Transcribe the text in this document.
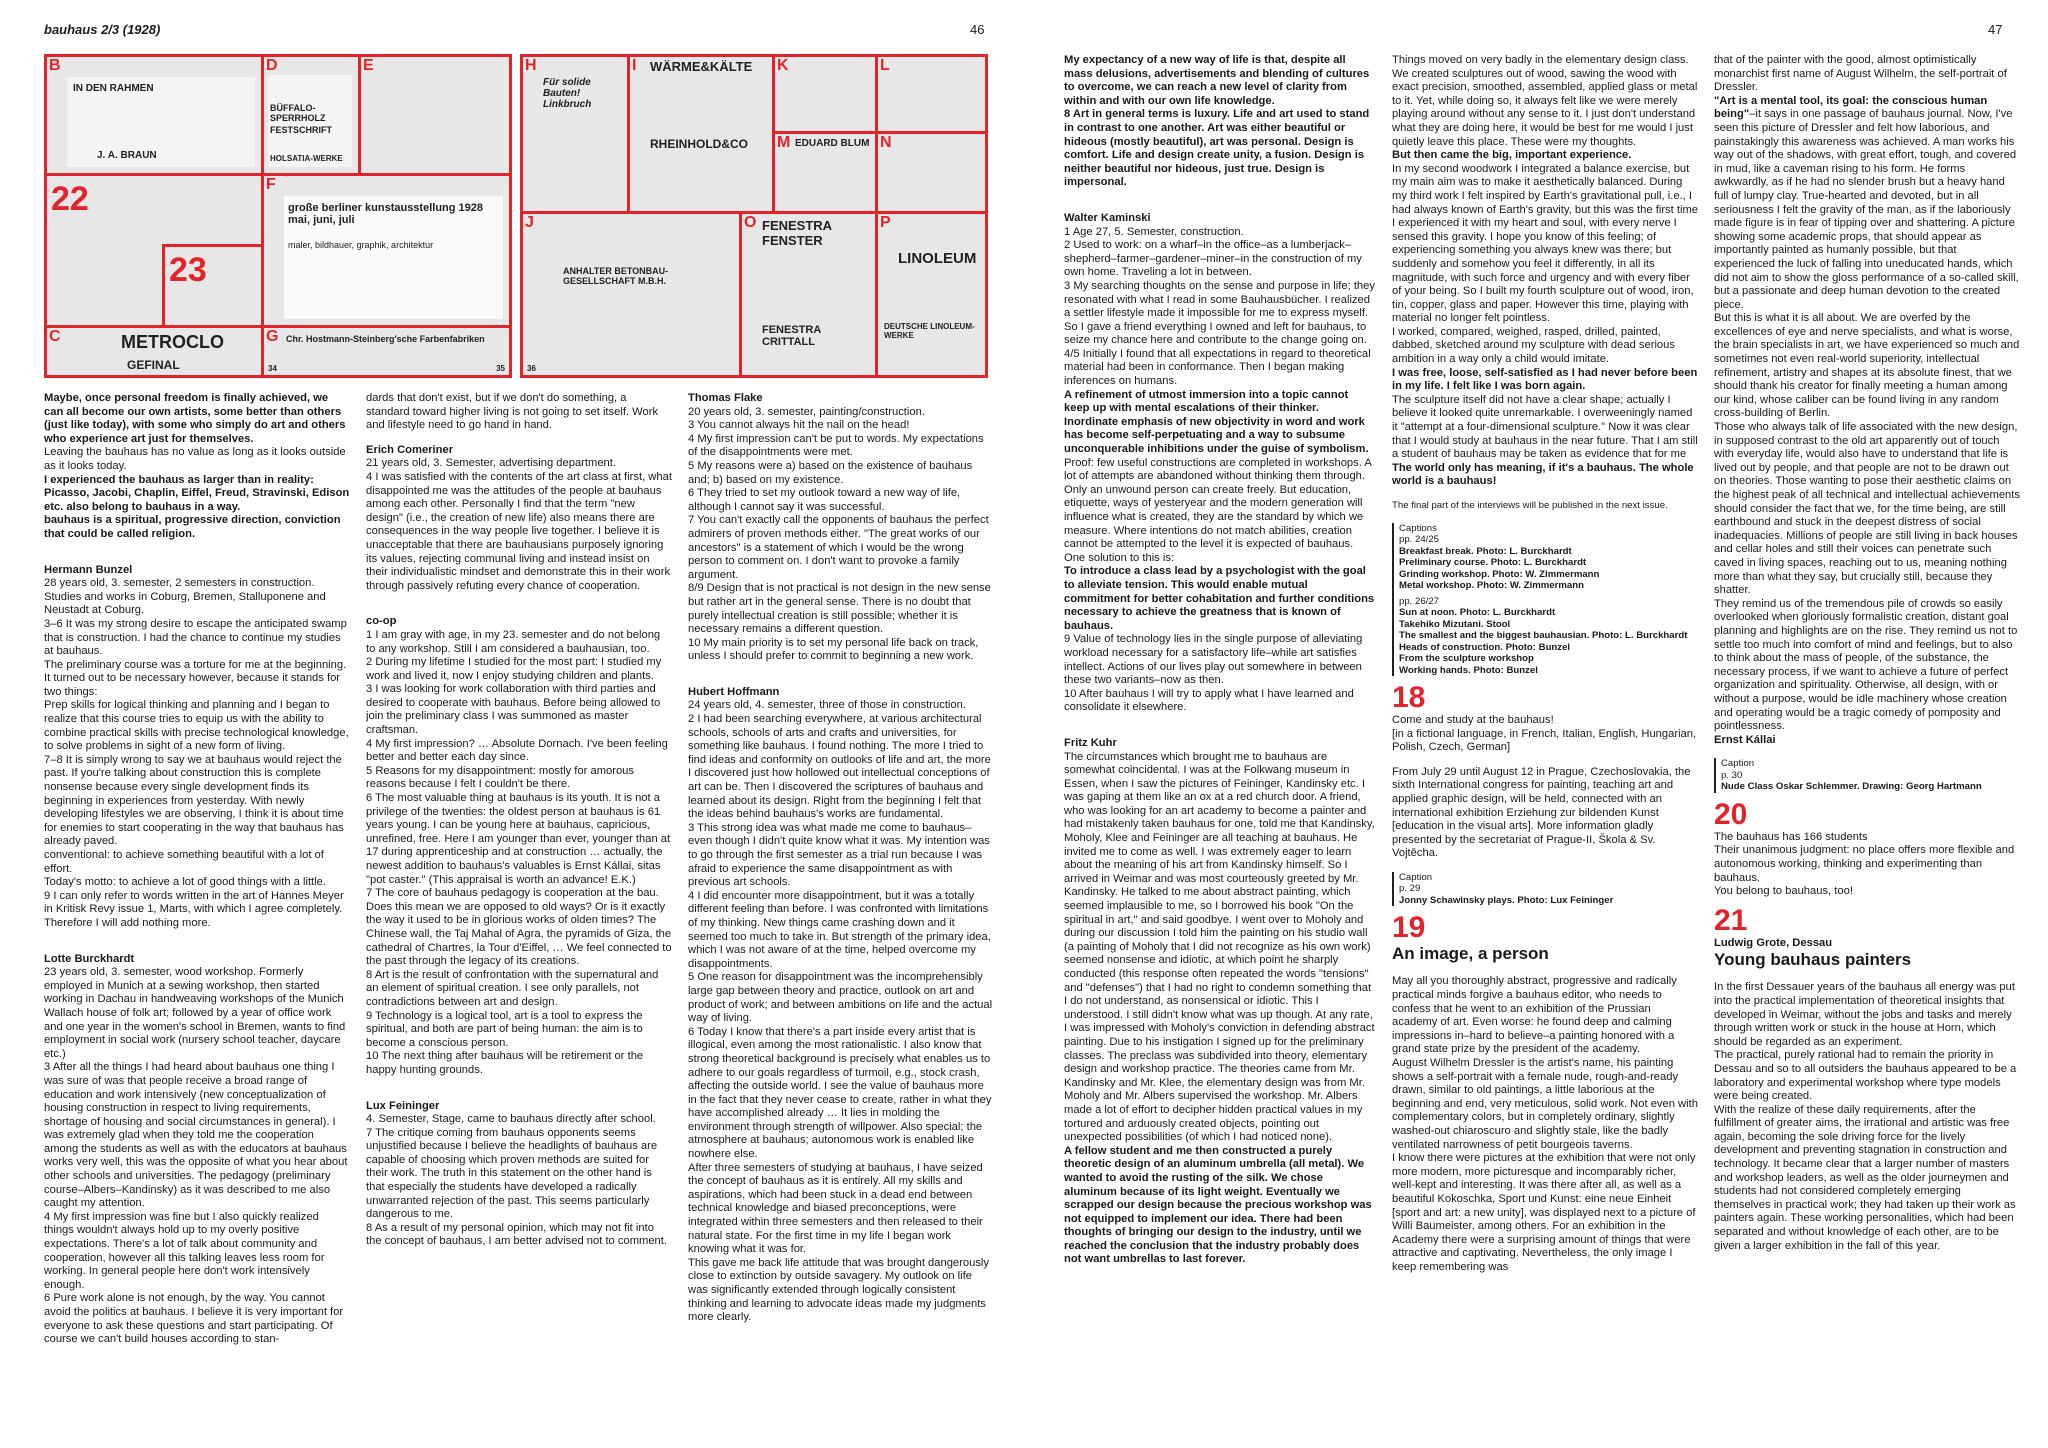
bauhaus 2/3 (1928)	46	47
B
IN DEN RAHMEN
J. A. BRAUN
D
BÜFFALO-SPERRHOLZ
FESTSCHRIFT
HOLSATIA-WERKE
E
22	F
große berliner kunstausstellung 1928 mai, juni, juli
maler, bildhauer, graphik, architektur
23
C	METROCLO
GEFINAL
G Chr. Hostmann-Steinberg'sche Farbenfabriken
34	35
H
Für solide Bauten! Linkbruch
I WÄRME&KÄLTE
RHEINHOLD&CO
K	L
M EDUARD BLUM N
J
ANHALTER BETONBAU-GESELLSCHAFT M.B.H.
36
O FENESTRA FENSTER
FENESTRA CRITTALL
P
LINOLEUM
DEUTSCHE LINOLEUM-WERKE

Maybe, once personal freedom is finally achieved, we can all become our own artists, some better than others (just like today), with some who simply do art and others who experience art just for themselves.

Leaving the bauhaus has no value as long as it looks outside as it looks today.

I experienced the bauhaus as larger than in reality: Picasso, Jacobi, Chaplin, Eiffel, Freud, Stravinski, Edison etc. also belong to bauhaus in a way.

bauhaus is a spiritual, progressive direction, conviction that could be called religion.

Hermann Bunzel

28 years old, 3. semester, 2 semesters in construction. Studies and works in Coburg, Bremen, Stalluponene and Neustadt at Coburg.

3–6 It was my strong desire to escape the anticipated swamp that is construction. I had the chance to continue my studies at bauhaus.

The preliminary course was a torture for me at the beginning. It turned out to be necessary however, because it stands for two things:

Prep skills for logical thinking and planning and I began to realize that this course tries to equip us with the ability to combine practical skills with precise technological knowledge, to solve problems in sight of a new form of living.

7–8 It is simply wrong to say we at bauhaus would reject the past. If you're talking about construction this is complete nonsense because every single development finds its beginning in experiences from yesterday. With newly developing lifestyles we are observing, I think it is about time for enemies to start cooperating in the way that bauhaus has already paved.

conventional: to achieve something beautiful with a lot of effort.

Today's motto: to achieve a lot of good things with a little.

9 I can only refer to words written in the art of Hannes Meyer in Kritisk Revy issue 1, Marts, with which I agree completely. Therefore I will add nothing more.

Lotte Burckhardt

23 years old, 3. semester, wood workshop. Formerly employed in Munich at a sewing workshop, then started working in Dachau in handweaving workshops of the Munich Wallach house of folk art; followed by a year of office work and one year in the women's school in Bremen, wants to find employment in social work (nursery school teacher, daycare etc.)

3 After all the things I had heard about bauhaus one thing I was sure of was that people receive a broad range of education and work intensively (new conceptualization of housing construction in respect to living requirements, shortage of housing and social circumstances in general). I was extremely glad when they told me the cooperation among the students as well as with the educators at bauhaus works very well, this was the opposite of what you hear about other schools and universities. The pedagogy (preliminary course–Albers–Kandinsky) as it was described to me also caught my attention.

4 My first impression was fine but I also quickly realized things wouldn't always hold up to my overly positive expectations. There's a lot of talk about community and cooperation, however all this talking leaves less room for working. In general people here don't work intensively enough.

6 Pure work alone is not enough, by the way. You cannot avoid the politics at bauhaus. I believe it is very important for everyone to ask these questions and start participating. Of course we can't build houses according to stan-

dards that don't exist, but if we don't do something, a standard toward higher living is not going to set itself. Work and lifestyle need to go hand in hand.

Erich Comeriner

21 years old, 3. Semester, advertising department.

4 I was satisfied with the contents of the art class at first, what disappointed me was the attitudes of the people at bauhaus among each other. Personally I find that the term "new design" (i.e., the creation of new life) also means there are consequences in the way people live together. I believe it is unacceptable that there are bauhausians purposely ignoring its values, rejecting communal living and instead insist on their individualistic mindset and demonstrate this in their work through passively refuting every chance of cooperation.

co-op

1 I am gray with age, in my 23. semester and do not belong to any workshop. Still I am considered a bauhausian, too.

2 During my lifetime I studied for the most part: I studied my work and lived it, now I enjoy studying children and plants.

3 I was looking for work collaboration with third parties and desired to cooperate with bauhaus. Before being allowed to join the preliminary class I was summoned as master craftsman.

4 My first impression? … Absolute Dornach. I've been feeling better and better each day since.

5 Reasons for my disappointment: mostly for amorous reasons because I felt I couldn't be there.

6 The most valuable thing at bauhaus is its youth. It is not a privilege of the twenties: the oldest person at bauhaus is 61 years young. I can be young here at bauhaus, capricious, unrefined, free. Here I am younger than ever, younger than at 17 during apprenticeship and at construction … actually, the newest addition to bauhaus's valuables is Ernst Kállai, sitas "pot caster." (This appraisal is worth an advance! E.K.)

7 The core of bauhaus pedagogy is cooperation at the bau. Does this mean we are opposed to old ways? Or is it exactly the way it used to be in glorious works of olden times? The Chinese wall, the Taj Mahal of Agra, the pyramids of Giza, the cathedral of Chartres, la Tour d'Eiffel, … We feel connected to the past through the legacy of its creations.

8 Art is the result of confrontation with the supernatural and an element of spiritual creation. I see only parallels, not contradictions between art and design.

9 Technology is a logical tool, art is a tool to express the spiritual, and both are part of being human: the aim is to become a conscious person.

10 The next thing after bauhaus will be retirement or the happy hunting grounds.

Lux Feininger

4. Semester, Stage, came to bauhaus directly after school.

7 The critique coming from bauhaus opponents seems unjustified because I believe the headlights of bauhaus are capable of choosing which proven methods are suited for their work. The truth in this statement on the other hand is that especially the students have developed a radically unwarranted rejection of the past. This seems particularly dangerous to me.

8 As a result of my personal opinion, which may not fit into the concept of bauhaus, I am better advised not to comment.

Thomas Flake

20 years old, 3. semester, painting/construction.

3 You cannot always hit the nail on the head!

4 My first impression can't be put to words. My expectations of the disappointments were met.

5 My reasons were a) based on the existence of bauhaus and; b) based on my existence.

6 They tried to set my outlook toward a new way of life, although I cannot say it was successful.

7 You can't exactly call the opponents of bauhaus the perfect admirers of proven methods either. "The great works of our ancestors" is a statement of which I would be the wrong person to comment on. I don't want to provoke a family argument.

8/9 Design that is not practical is not design in the new sense but rather art in the general sense. There is no doubt that purely intellectual creation is still possible; whether it is necessary remains a different question.

10 My main priority is to set my personal life back on track, unless I should prefer to commit to beginning a new work.

Hubert Hoffmann

24 years old, 4. semester, three of those in construction.

2 I had been searching everywhere, at various architectural schools, schools of arts and crafts and universities, for something like bauhaus. I found nothing. The more I tried to find ideas and conformity on outlooks of life and art, the more I discovered just how hollowed out intellectual conceptions of art can be. Then I discovered the scriptures of bauhaus and learned about its design. Right from the beginning I felt that the ideas behind bauhaus's works are fundamental.

3 This strong idea was what made me come to bauhaus–even though I didn't quite know what it was. My intention was to go through the first semester as a trial run because I was afraid to experience the same disappointment as with previous art schools.

4 I did encounter more disappointment, but it was a totally different feeling than before. I was confronted with limitations of my thinking. New things came crashing down and it seemed too much to take in. But strength of the primary idea, which I was not aware of at the time, helped overcome my disappointments.

5 One reason for disappointment was the incomprehensibly large gap between theory and practice, outlook on art and product of work; and between ambitions on life and the actual way of living.

6 Today I know that there's a part inside every artist that is illogical, even among the most rationalistic. I also know that strong theoretical background is precisely what enables us to adhere to our goals regardless of turmoil, e.g., stock crash, affecting the outside world. I see the value of bauhaus more in the fact that they never cease to create, rather in what they have accomplished already … It lies in molding the environment through strength of willpower. Also special; the atmosphere at bauhaus; autonomous work is enabled like nowhere else.

After three semesters of studying at bauhaus, I have seized the concept of bauhaus as it is entirely. All my skills and aspirations, which had been stuck in a dead end between technical knowledge and biased preconceptions, were integrated within three semesters and then released to their natural state. For the first time in my life I began work knowing what it was for.

This gave me back life attitude that was brought dangerously close to extinction by outside savagery. My outlook on life was significantly extended through logically consistent thinking and learning to advocate ideas made my judgments more clearly.

My expectancy of a new way of life is that, despite all mass delusions, advertisements and blending of cultures to overcome, we can reach a new level of clarity from within and with our own life knowledge.

8 Art in general terms is luxury. Life and art used to stand in contrast to one another. Art was either beautiful or hideous (mostly beautiful), art was personal. Design is comfort. Life and design create unity, a fusion. Design is neither beautiful nor hideous, just true. Design is impersonal.

Walter Kaminski

1 Age 27, 5. Semester, construction.

2 Used to work: on a wharf–in the office–as a lumberjack–shepherd–farmer–gardener–miner–in the construction of my own home. Traveling a lot in between.

3 My searching thoughts on the sense and purpose in life; they resonated with what I read in some Bauhausbücher. I realized a settler lifestyle made it impossible for me to express myself. So I gave a friend everything I owned and left for bauhaus, to seize my chance here and contribute to the change going on.

4/5 Initially I found that all expectations in regard to theoretical material had been in conformance. Then I began making inferences on humans.

A refinement of utmost immersion into a topic cannot keep up with mental escalations of their thinker. Inordinate emphasis of new objectivity in word and work has become self-perpetuating and a way to subsume unconquerable inhibitions under the guise of symbolism.

Proof: few useful constructions are completed in workshops. A lot of attempts are abandoned without thinking them through.

Only an unwound person can create freely. But education, etiquette, ways of yesteryear and the modern generation will influence what is created, they are the standard by which we measure. Where intentions do not match abilities, creation cannot be attempted to the level it is expected of bauhaus. One solution to this is:

To introduce a class lead by a psychologist with the goal to alleviate tension. This would enable mutual commitment for better cohabitation and further conditions necessary to achieve the greatness that is known of bauhaus.

9 Value of technology lies in the single purpose of alleviating workload necessary for a satisfactory life–while art satisfies intellect. Actions of our lives play out somewhere in between these two variants–now as then.

10 After bauhaus I will try to apply what I have learned and consolidate it elsewhere.

Fritz Kuhr

The circumstances which brought me to bauhaus are somewhat coincidental. I was at the Folkwang museum in Essen, when I saw the pictures of Feininger, Kandinsky etc. I was gaping at them like an ox at a red church door. A friend, who was looking for an art academy to become a painter and had mistakenly taken bauhaus for one, told me that Kandinsky, Moholy, Klee and Feininger are all teaching at bauhaus. He invited me to come as well. I was extremely eager to learn about the meaning of his art from Kandinsky himself. So I arrived in Weimar and was most courteously greeted by Mr. Kandinsky. He talked to me about abstract painting, which seemed implausible to me, so I borrowed his book "On the spiritual in art," and said goodbye. I went over to Moholy and during our discussion I told him the painting on his studio wall (a painting of Moholy that I did not recognize as his own work) seemed nonsense and idiotic, at which point he sharply conducted (this response often repeated the words "tensions" and "defenses") that I had no right to condemn something that I do not understand, as nonsensical or idiotic. This I understood. I still didn't know what was up though. At any rate, I was impressed with Moholy's conviction in defending abstract painting. Due to his instigation I signed up for the preliminary classes. The preclass was subdivided into theory, elementary design and workshop practice. The theories came from Mr. Kandinsky and Mr. Klee, the elementary design was from Mr. Moholy and Mr. Albers supervised the workshop. Mr. Albers made a lot of effort to decipher hidden practical values in my tortured and arduously created objects, pointing out unexpected possibilities (of which I had noticed none).

A fellow student and me then constructed a purely theoretic design of an aluminum umbrella (all metal). We wanted to avoid the rusting of the silk. We chose aluminum because of its light weight. Eventually we scrapped our design because the precious workshop was not equipped to implement our idea. There had been thoughts of bringing our design to the industry, until we reached the conclusion that the industry probably does not want umbrellas to last forever.

Things moved on very badly in the elementary design class. We created sculptures out of wood, sawing the wood with exact precision, smoothed, assembled, applied glass or metal to it. Yet, while doing so, it always felt like we were merely playing around without any sense to it. I just don't understand what they are doing here, it would be best for me would I just quietly leave this place. These were my thoughts.

But then came the big, important experience.

In my second woodwork I integrated a balance exercise, but my main aim was to make it aesthetically balanced. During my third work I felt inspired by Earth's gravitational pull, i.e., I had always known of Earth's gravity, but this was the first time I experienced it with my heart and soul, with every nerve I sensed this gravity. I hope you know of this feeling; of experiencing something you always knew was there; but suddenly and somehow you feel it differently, in all its magnitude, with such force and urgency and with every fiber of your being. So I built my fourth sculpture out of wood, iron, tin, copper, glass and paper. However this time, playing with material no longer felt pointless.

I worked, compared, weighed, rasped, drilled, painted, dabbed, sketched around my sculpture with dead serious ambition in a way only a child would imitate.

I was free, loose, self-satisfied as I had never before been in my life. I felt like I was born again.

The sculpture itself did not have a clear shape; actually I believe it looked quite unremarkable. I overweeningly named it "attempt at a four-dimensional sculpture." Now it was clear that I would study at bauhaus in the near future. That I am still a student of bauhaus may be taken as evidence that for me

The world only has meaning, if it's a bauhaus. The whole world is a bauhaus!

The final part of the interviews will be published in the next issue.

Captions

pp. 24/25

Breakfast break. Photo: L. Burckhardt

Preliminary course. Photo: L. Burckhardt

Grinding workshop. Photo: W. Zimmermann

Metal workshop. Photo: W. Zimmermann

pp. 26/27

Sun at noon. Photo: L. Burckhardt

Takehiko Mizutani. Stool

The smallest and the biggest bauhausian. Photo: L. Burckhardt

Heads of construction. Photo: Bunzel

From the sculpture workshop

Working hands. Photo: Bunzel

18

Come and study at the bauhaus!

[in a fictional language, in French, Italian, English, Hungarian, Polish, Czech, German]

From July 29 until August 12 in Prague, Czechoslovakia, the sixth International congress for painting, teaching art and applied graphic design, will be held, connected with an international exhibition Erziehung zur bildenden Kunst [education in the visual arts]. More information gladly presented by the secretariat of Prague-II, Škola & Sv. Vojtěcha.

Caption

p. 29

Jonny Schawinsky plays. Photo: Lux Feininger

19

An image, a person

May all you thoroughly abstract, progressive and radically practical minds forgive a bauhaus editor, who needs to confess that he went to an exhibition of the Prussian academy of art. Even worse: he found deep and calming impressions in–hard to believe–a painting honored with a grand state prize by the president of the academy.

August Wilhelm Dressler is the artist's name, his painting shows a self-portrait with a female nude, rough-and-ready drawn, similar to old paintings, a little laborious at the beginning and end, very meticulous, solid work. Not even with complementary colors, but in completely ordinary, slightly washed-out chiaroscuro and slightly stale, like the badly ventilated narrowness of petit bourgeois taverns.

I know there were pictures at the exhibition that were not only more modern, more picturesque and incomparably richer, well-kept and interesting. It was there after all, as well as a beautiful Kokoschka, Sport und Kunst: eine neue Einheit [sport and art: a new unity], was displayed next to a picture of Willi Baumeister, among others. For an exhibition in the Academy there were a surprising amount of things that were attractive and captivating. Nevertheless, the only image I keep remembering was

that of the painter with the good, almost optimistically monarchist first name of August Wilhelm, the self-portrait of Dressler.

"Art is a mental tool, its goal: the conscious human being"–it says in one passage of bauhaus journal. Now, I've seen this picture of Dressler and felt how laborious, and painstakingly this awareness was achieved. A man works his way out of the shadows, with great effort, tough, and covered in mud, like a caveman rising to his form. He forms awkwardly, as if he had no slender brush but a heavy hand full of lumpy clay. True-hearted and devoted, but in all seriousness I felt the gravity of the man, as if the laboriously made figure is in fear of tipping over and shattering. A picture showing some academic props, that should appear as importantly painted as humanly possible, but that experienced the luck of falling into uneducated hands, which did not aim to show the gloss performance of a so-called skill, but a passionate and deep human devotion to the created piece.

But this is what it is all about. We are overfed by the excellences of eye and nerve specialists, and what is worse, the brain specialists in art, we have experienced so much and sometimes not even real-world superiority, intellectual refinement, artistry and shapes at its absolute finest, that we should thank his creator for finally meeting a human among our kind, whose caliber can be found living in any random cross-building of Berlin.

Those who always talk of life associated with the new design, in supposed contrast to the old art apparently out of touch with everyday life, would also have to understand that life is lived out by people, and that people are not to be drawn out on theories. Those wanting to pose their aesthetic claims on the highest peak of all technical and intellectual achievements should consider the fact that we, for the time being, are still earthbound and stuck in the deepest distress of social inadequacies. Millions of people are still living in back houses and cellar holes and still their voices can penetrate such caved in living spaces, reaching out to us, meaning nothing more than what they say, but crucially still, because they shatter.

They remind us of the tremendous pile of crowds so easily overlooked when gloriously formalistic creation, distant goal planning and highlights are on the rise. They remind us not to settle too much into comfort of mind and feelings, but to also to think about the mass of people, of the substance, the necessary process, if we want to achieve a future of perfect organization and spirituality. Otherwise, all design, with or without a purpose, would be idle machinery whose creation and operating would be a tragic comedy of pomposity and pointlessness.

Ernst Kállai

Caption

p. 30

Nude Class Oskar Schlemmer. Drawing: Georg Hartmann

20

The bauhaus has 166 students

Their unanimous judgment: no place offers more flexible and autonomous working, thinking and experimenting than bauhaus.

You belong to bauhaus, too!

21

Ludwig Grote, Dessau

Young bauhaus painters

In the first Dessauer years of the bauhaus all energy was put into the practical implementation of theoretical insights that developed in Weimar, without the jobs and tasks and merely through written work or stuck in the house at Horn, which should be regarded as an experiment.

The practical, purely rational had to remain the priority in Dessau and so to all outsiders the bauhaus appeared to be a laboratory and experimental workshop where type models were being created.

With the realize of these daily requirements, after the fulfillment of greater aims, the irrational and artistic was free again, becoming the sole driving force for the lively development and preventing stagnation in construction and technology. It became clear that a larger number of masters and workshop leaders, as well as the older journeymen and students had not considered completely emerging themselves in practical work; they had taken up their work as painters again. These working personalities, which had been separated and without knowledge of each other, are to be given a larger exhibition in the fall of this year.
